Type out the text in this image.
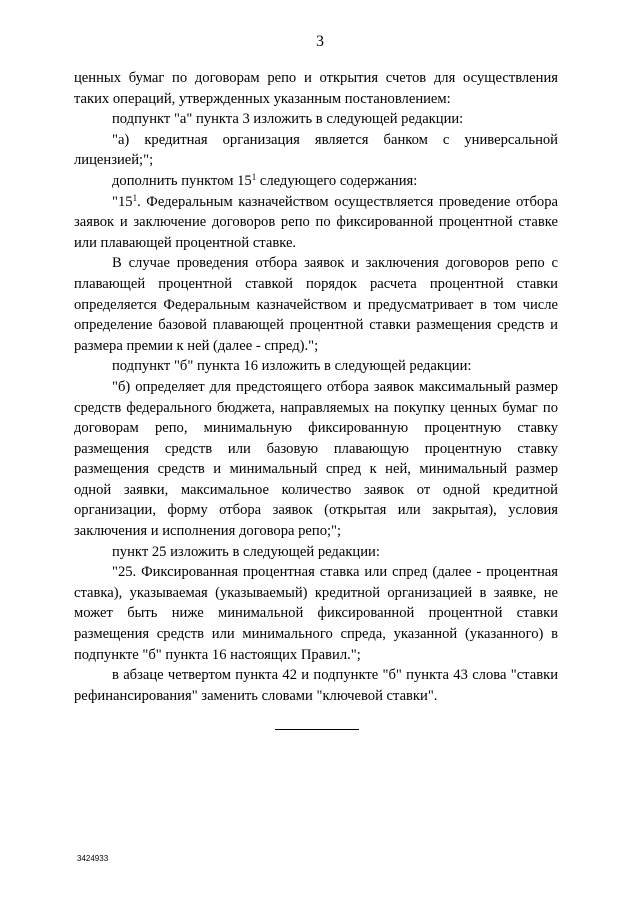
3

ценных бумаг по договорам репо и открытия счетов для осуществления таких операций, утвержденных указанным постановлением:

подпункт "а" пункта 3 изложить в следующей редакции:

"а) кредитная организация является банком с универсальной лицензией;";

дополнить пунктом $15^1$ следующего содержания:

"$15^1$. Федеральным казначейством осуществляется проведение отбора заявок и заключение договоров репо по фиксированной процентной ставке или плавающей процентной ставке.

В случае проведения отбора заявок и заключения договоров репо с плавающей процентной ставкой порядок расчета процентной ставки определяется Федеральным казначейством и предусматривает в том числе определение базовой плавающей процентной ставки размещения средств и размера премии к ней (далее - спред).";

подпункт "б" пункта 16 изложить в следующей редакции:

"б) определяет для предстоящего отбора заявок максимальный размер средств федерального бюджета, направляемых на покупку ценных бумаг по договорам репо, минимальную фиксированную процентную ставку размещения средств или базовую плавающую процентную ставку размещения средств и минимальный спред к ней, минимальный размер одной заявки, максимальное количество заявок от одной кредитной организации, форму отбора заявок (открытая или закрытая), условия заключения и исполнения договора репо;";

пункт 25 изложить в следующей редакции:

"25. Фиксированная процентная ставка или спред (далее - процентная ставка), указываемая (указываемый) кредитной организацией в заявке, не может быть ниже минимальной фиксированной процентной ставки размещения средств или минимального спреда, указанной (указанного) в подпункте "б" пункта 16 настоящих Правил.";

в абзаце четвертом пункта 42 и подпункте "б" пункта 43 слова "ставки рефинансирования" заменить словами "ключевой ставки".

3424933
